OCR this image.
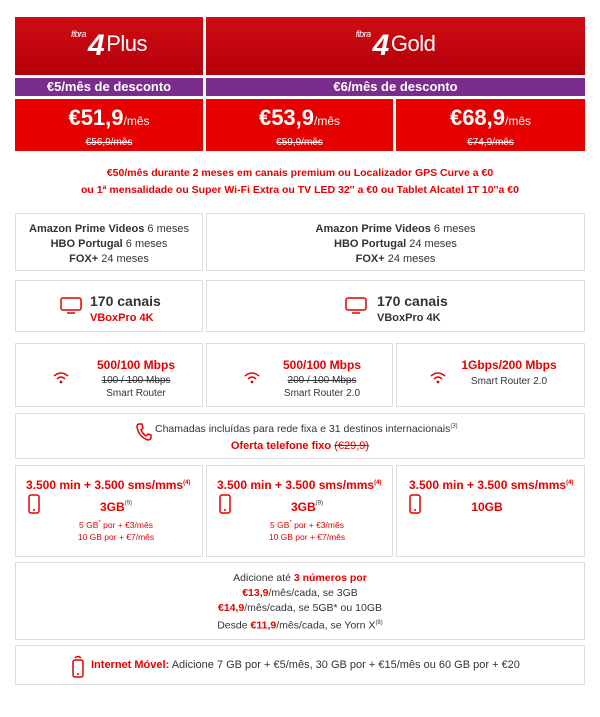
$^{fibra}$4Plus	$^{fibra}$4Gold
€5/mês de desconto	€6/mês de desconto
€51,9/mês
€56,9/mês
€53,9/mês
€59,9/mês
€68,9/mês
€74,9/mês
€50/mês durante 2 meses em canais premium ou Localizador GPS Curve a €0
ou 1ª mensalidade ou Super Wi-Fi Extra ou TV LED 32'' a €0 ou Tablet Alcatel 1T 10''a €0
Amazon Prime Videos 6 meses
HBO Portugal 6 meses
FOX+ 24 meses
Amazon Prime Videos 6 meses
HBO Portugal 24 meses
FOX+ 24 meses
170 canais
VBoxPro 4K
170 canais
VBoxPro 4K
500/100 Mbps
100 / 100 Mbps
Smart Router
500/100 Mbps
200 / 100 Mbps
Smart Router 2.0
1Gbps/200 Mbps
Smart Router 2.0
Chamadas incluídas para rede fixa e 31 destinos internacionais$^{(3)}$
Oferta telefone fixo (€29,9)
3.500 min + 3.500 sms/mms$^{(4)}$
3GB$^{(9)}$
5 GB* por + €3/mês
10 GB por + €7/mês
3.500 min + 3.500 sms/mms$^{(4)}$
3GB$^{(9)}$
5 GB* por + €3/mês
10 GB por + €7/mês
3.500 min + 3.500 sms/mms$^{(4)}$
10GB
Adicione até 3 números por
€13,9/mês/cada, se 3GB
€14,9/mês/cada, se 5GB* ou 10GB
Desde €11,9/mês/cada, se Yorn $X^{(8)}$
Internet Móvel: Adicione 7 GB por + €5/mês, 30 GB por + €15/mês ou 60 GB por + €20
